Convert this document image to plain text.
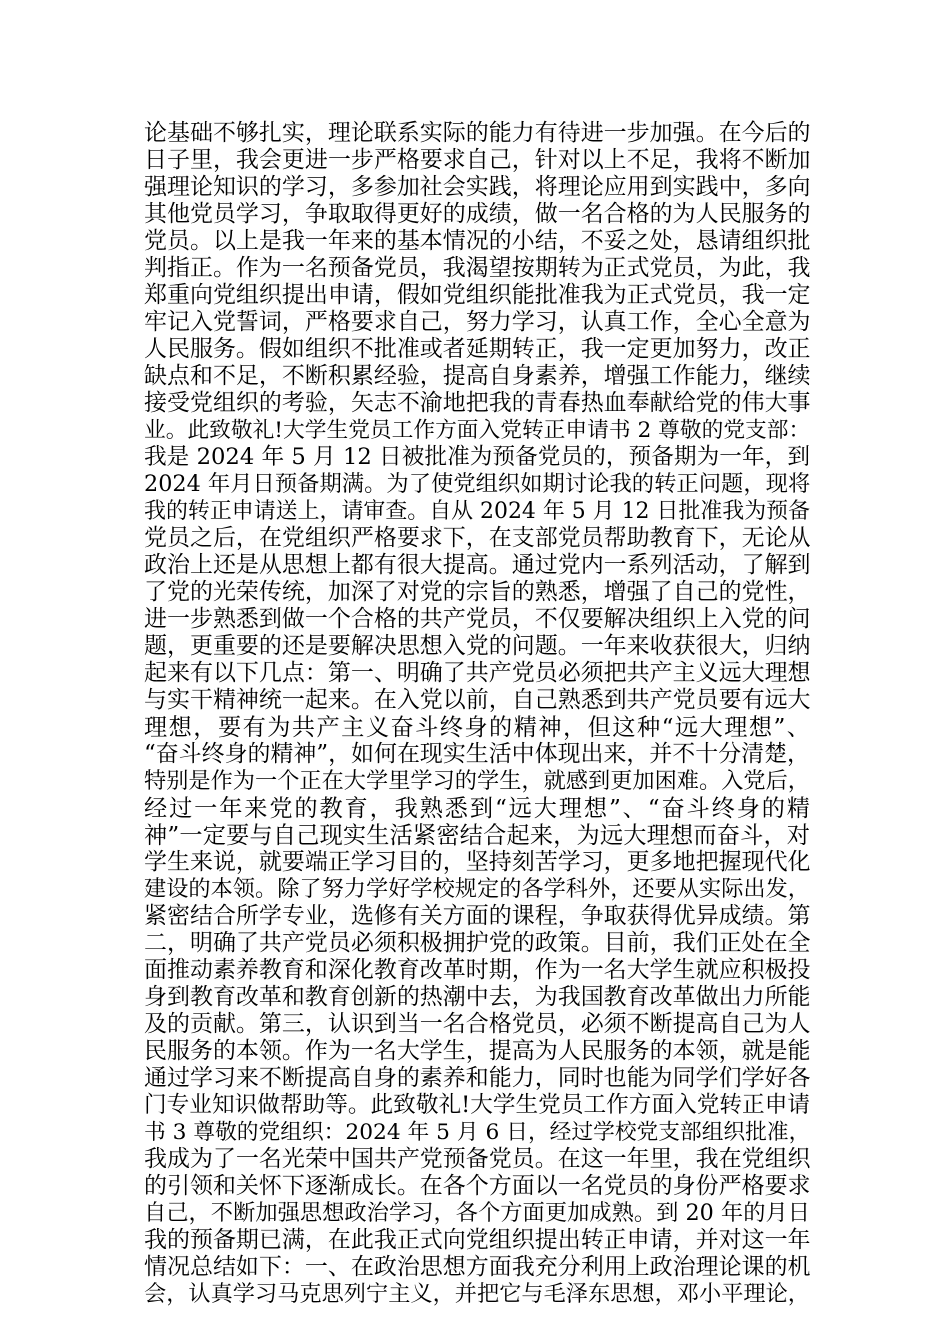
论基础不够扎实，理论联系实际的能力有待进一步加强。在今后的
日子里，我会更进一步严格要求自己，针对以上不足，我将不断加
强理论知识的学习，多参加社会实践，将理论应用到实践中，多向
其他党员学习，争取取得更好的成绩，做一名合格的为人民服务的
党员。以上是我一年来的基本情况的小结，不妥之处，恳请组织批
判指正。作为一名预备党员，我渴望按期转为正式党员，为此，我
郑重向党组织提出申请，假如党组织能批准我为正式党员，我一定
牢记入党誓词，严格要求自己，努力学习，认真工作，全心全意为
人民服务。假如组织不批准或者延期转正，我一定更加努力，改正
缺点和不足，不断积累经验，提高自身素养，增强工作能力，继续
接受党组织的考验，矢志不渝地把我的青春热血奉献给党的伟大事
业。此致敬礼!大学生党员工作方面入党转正申请书 2 尊敬的党支部：
我是 2024 年 5 月 12 日被批准为预备党员的，预备期为一年，到
2024 年月日预备期满。为了使党组织如期讨论我的转正问题，现将
我的转正申请送上，请审查。自从 2024 年 5 月 12 日批准我为预备
党员之后，在党组织严格要求下，在支部党员帮助教育下，无论从
政治上还是从思想上都有很大提高。通过党内一系列活动，了解到
了党的光荣传统，加深了对党的宗旨的熟悉，增强了自己的党性，
进一步熟悉到做一个合格的共产党员，不仅要解决组织上入党的问
题，更重要的还是要解决思想入党的问题。一年来收获很大，归纳
起来有以下几点：第一、明确了共产党员必须把共产主义远大理想
与实干精神统一起来。在入党以前，自己熟悉到共产党员要有远大
理想，要有为共产主义奋斗终身的精神，但这种“远大理想”、
“奋斗终身的精神”，如何在现实生活中体现出来，并不十分清楚，
特别是作为一个正在大学里学习的学生，就感到更加困难。入党后，
经过一年来党的教育，我熟悉到“远大理想”、“奋斗终身的精
神”一定要与自己现实生活紧密结合起来，为远大理想而奋斗，对
学生来说，就要端正学习目的，坚持刻苦学习，更多地把握现代化
建设的本领。除了努力学好学校规定的各学科外，还要从实际出发，
紧密结合所学专业，选修有关方面的课程，争取获得优异成绩。第
二，明确了共产党员必须积极拥护党的政策。目前，我们正处在全
面推动素养教育和深化教育改革时期，作为一名大学生就应积极投
身到教育改革和教育创新的热潮中去，为我国教育改革做出力所能
及的贡献。第三，认识到当一名合格党员，必须不断提高自己为人
民服务的本领。作为一名大学生，提高为人民服务的本领，就是能
通过学习来不断提高自身的素养和能力，同时也能为同学们学好各
门专业知识做帮助等。此致敬礼!大学生党员工作方面入党转正申请
书 3 尊敬的党组织：2024 年 5 月 6 日，经过学校党支部组织批准，
我成为了一名光荣中国共产党预备党员。在这一年里，我在党组织
的引领和关怀下逐渐成长。在各个方面以一名党员的身份严格要求
自己，不断加强思想政治学习，各个方面更加成熟。到 20 年的月日
我的预备期已满，在此我正式向党组织提出转正申请，并对这一年
情况总结如下：一、在政治思想方面我充分利用上政治理论课的机
会，认真学习马克思列宁主义，并把它与毛泽东思想，邓小平理论，
